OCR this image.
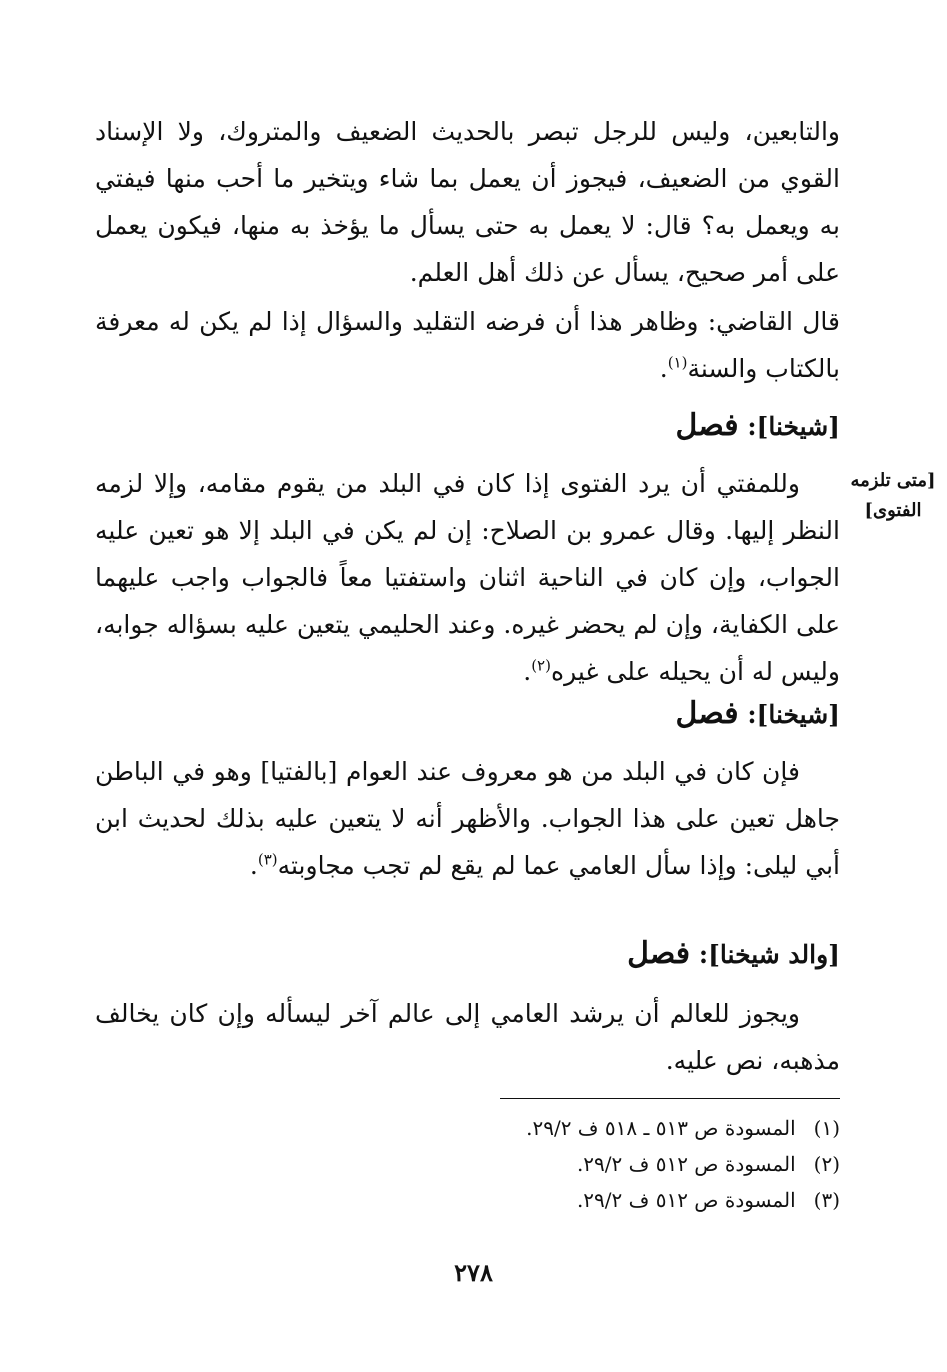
والتابعين، وليس للرجل تبصر بالحديث الضعيف والمتروك، ولا الإسناد القوي من الضعيف، فيجوز أن يعمل بما شاء ويتخير ما أحب منها فيفتي به ويعمل به؟ قال: لا يعمل به حتى يسأل ما يؤخذ به منها، فيكون يعمل على أمر صحيح، يسأل عن ذلك أهل العلم.

قال القاضي: وظاهر هذا أن فرضه التقليد والسؤال إذا لم يكن له معرفة بالكتاب والسنة$^{(١)}$.

[شيخنا]: فصل
[متى تلزمه
الفتوى]

وللمفتي أن يرد الفتوى إذا كان في البلد من يقوم مقامه، وإلا لزمه النظر إليها. وقال عمرو بن الصلاح: إن لم يكن في البلد إلا هو تعين عليه الجواب، وإن كان في الناحية اثنان واستفتيا معاً فالجواب واجب عليهما على الكفاية، وإن لم يحضر غيره. وعند الحليمي يتعين عليه بسؤاله جوابه، وليس له أن يحيله على غيره$^{(٢)}$.

[شيخنا]: فصل

فإن كان في البلد من هو معروف عند العوام [بالفتيا] وهو في الباطن جاهل تعين على هذا الجواب. والأظهر أنه لا يتعين عليه بذلك لحديث ابن أبي ليلى: وإذا سأل العامي عما لم يقع لم تجب مجاوبته$^{(٣)}$.

[والد شيخنا]: فصل

ويجوز للعالم أن يرشد العامي إلى عالم آخر ليسأله وإن كان يخالف مذهبه، نص عليه.

(١)المسودة ص ٥١٣ ـ ٥١٨ ف ٢٩/٢.
(٢)المسودة ص ٥١٢ ف ٢٩/٢.
(٣)المسودة ص ٥١٢ ف ٢٩/٢.
٢٧٨
